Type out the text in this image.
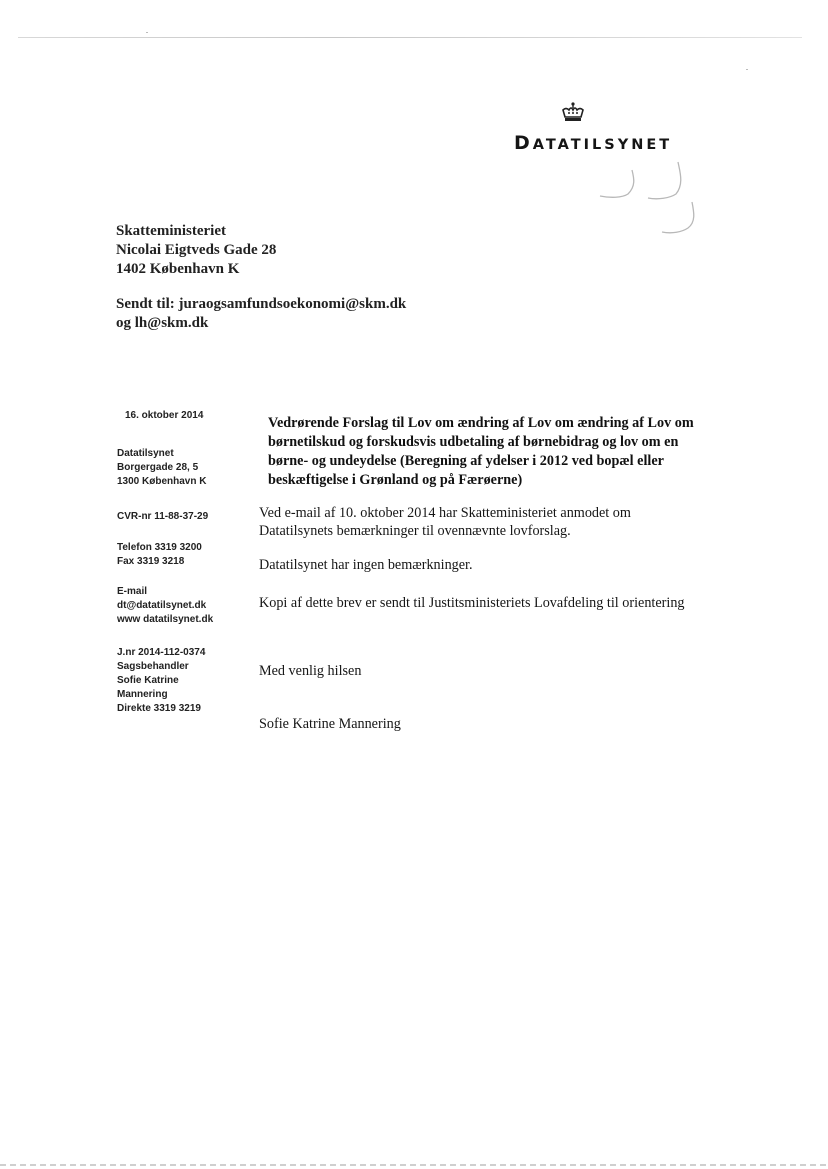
DATATILSYNET
Skatteministeriet
Nicolai Eigtveds Gade 28
1402 København K
Sendt til: juraogsamfundsoekonomi@skm.dk
og lh@skm.dk
16. oktober 2014
Datatilsynet
Borgergade 28, 5
1300 København K
CVR-nr 11-88-37-29
Telefon 3319 3200
Fax 3319 3218
E-mail
dt@datatilsynet.dk
www datatilsynet.dk
J.nr 2014-112-0374
Sagsbehandler
Sofie Katrine
Mannering
Direkte 3319 3219
Vedrørende Forslag til Lov om ændring af Lov om ændring af Lov om
børnetilskud og forskudsvis udbetaling af børnebidrag og lov om en
børne- og undeydelse (Beregning af ydelser i 2012 ved bopæl eller
beskæftigelse i Grønland og på Færøerne)
Ved e-mail af 10. oktober 2014 har Skatteministeriet anmodet om
Datatilsynets bemærkninger til ovennævnte lovforslag.
Datatilsynet har ingen bemærkninger.
Kopi af dette brev er sendt til Justitsministeriets Lovafdeling til orientering
Med venlig hilsen
Sofie Katrine Mannering
